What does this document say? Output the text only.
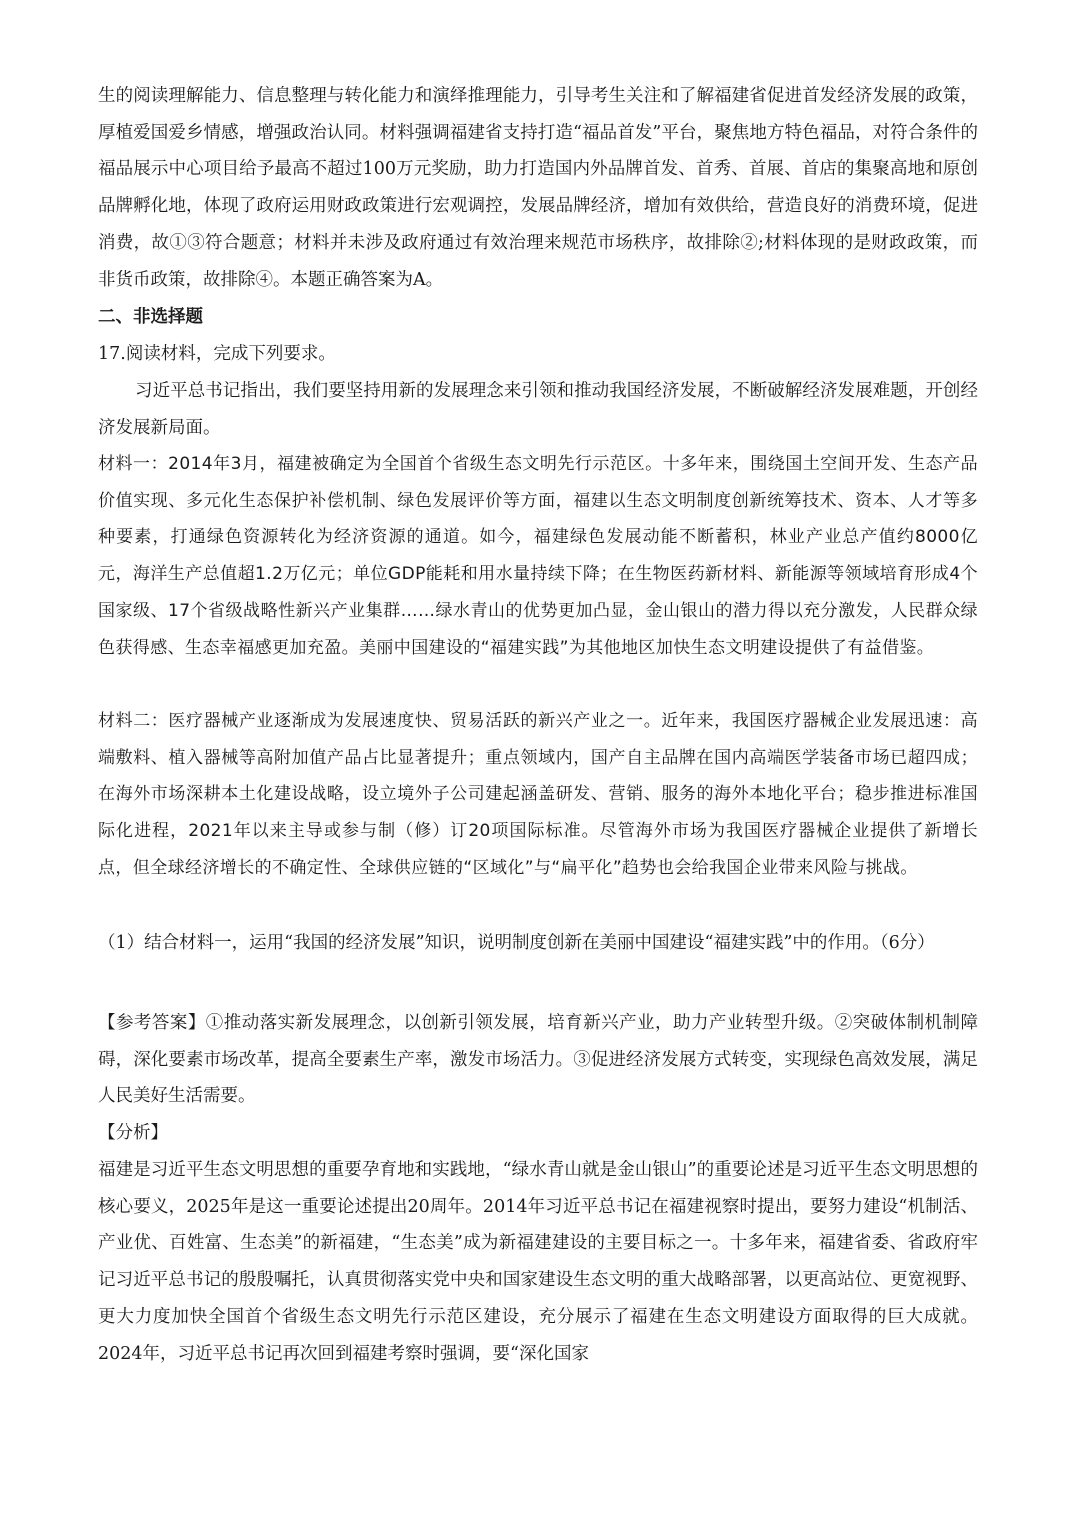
生的阅读理解能力、信息整理与转化能力和演绎推理能力，引导考生关注和了解福建省促进首发经济发展的政策，厚植爱国爱乡情感，增强政治认同。材料强调福建省支持打造“福品首发”平台，聚焦地方特色福品，对符合条件的福品展示中心项目给予最高不超过100万元奖励，助力打造国内外品牌首发、首秀、首展、首店的集聚高地和原创品牌孵化地，体现了政府运用财政政策进行宏观调控，发展品牌经济，增加有效供给，营造良好的消费环境，促进消费，故①③符合题意；材料并未涉及政府通过有效治理来规范市场秩序，故排除②;材料体现的是财政政策，而非货币政策，故排除④。本题正确答案为A。

二、非选择题

17.阅读材料，完成下列要求。

习近平总书记指出，我们要坚持用新的发展理念来引领和推动我国经济发展，不断破解经济发展难题，开创经济发展新局面。

材料一：2014年3月，福建被确定为全国首个省级生态文明先行示范区。十多年来，围绕国土空间开发、生态产品价值实现、多元化生态保护补偿机制、绿色发展评价等方面，福建以生态文明制度创新统筹技术、资本、人才等多种要素，打通绿色资源转化为经济资源的通道。如今，福建绿色发展动能不断蓄积，林业产业总产值约8000亿元，海洋生产总值超1.2万亿元；单位GDP能耗和用水量持续下降；在生物医药新材料、新能源等领域培育形成4个国家级、17个省级战略性新兴产业集群……绿水青山的优势更加凸显，金山银山的潜力得以充分激发，人民群众绿色获得感、生态幸福感更加充盈。美丽中国建设的“福建实践”为其他地区加快生态文明建设提供了有益借鉴。

材料二：医疗器械产业逐渐成为发展速度快、贸易活跃的新兴产业之一。近年来，我国医疗器械企业发展迅速：高端敷料、植入器械等高附加值产品占比显著提升；重点领域内，国产自主品牌在国内高端医学装备市场已超四成；在海外市场深耕本土化建设战略，设立境外子公司建起涵盖研发、营销、服务的海外本地化平台；稳步推进标准国际化进程，2021年以来主导或参与制（修）订20项国际标准。尽管海外市场为我国医疗器械企业提供了新增长点，但全球经济增长的不确定性、全球供应链的“区域化”与“扁平化”趋势也会给我国企业带来风险与挑战。

（1）结合材料一，运用“我国的经济发展”知识，说明制度创新在美丽中国建设“福建实践”中的作用。（6分）

【参考答案】①推动落实新发展理念，以创新引领发展，培育新兴产业，助力产业转型升级。②突破体制机制障碍，深化要素市场改革，提高全要素生产率，激发市场活力。③促进经济发展方式转变，实现绿色高效发展，满足人民美好生活需要。

【分析】

福建是习近平生态文明思想的重要孕育地和实践地，“绿水青山就是金山银山”的重要论述是习近平生态文明思想的核心要义，2025年是这一重要论述提出20周年。2014年习近平总书记在福建视察时提出，要努力建设“机制活、产业优、百姓富、生态美”的新福建，“生态美”成为新福建建设的主要目标之一。十多年来，福建省委、省政府牢记习近平总书记的殷殷嘱托，认真贯彻落实党中央和国家建设生态文明的重大战略部署，以更高站位、更宽视野、更大力度加快全国首个省级生态文明先行示范区建设，充分展示了福建在生态文明建设方面取得的巨大成就。2024年，习近平总书记再次回到福建考察时强调，要“深化国家
